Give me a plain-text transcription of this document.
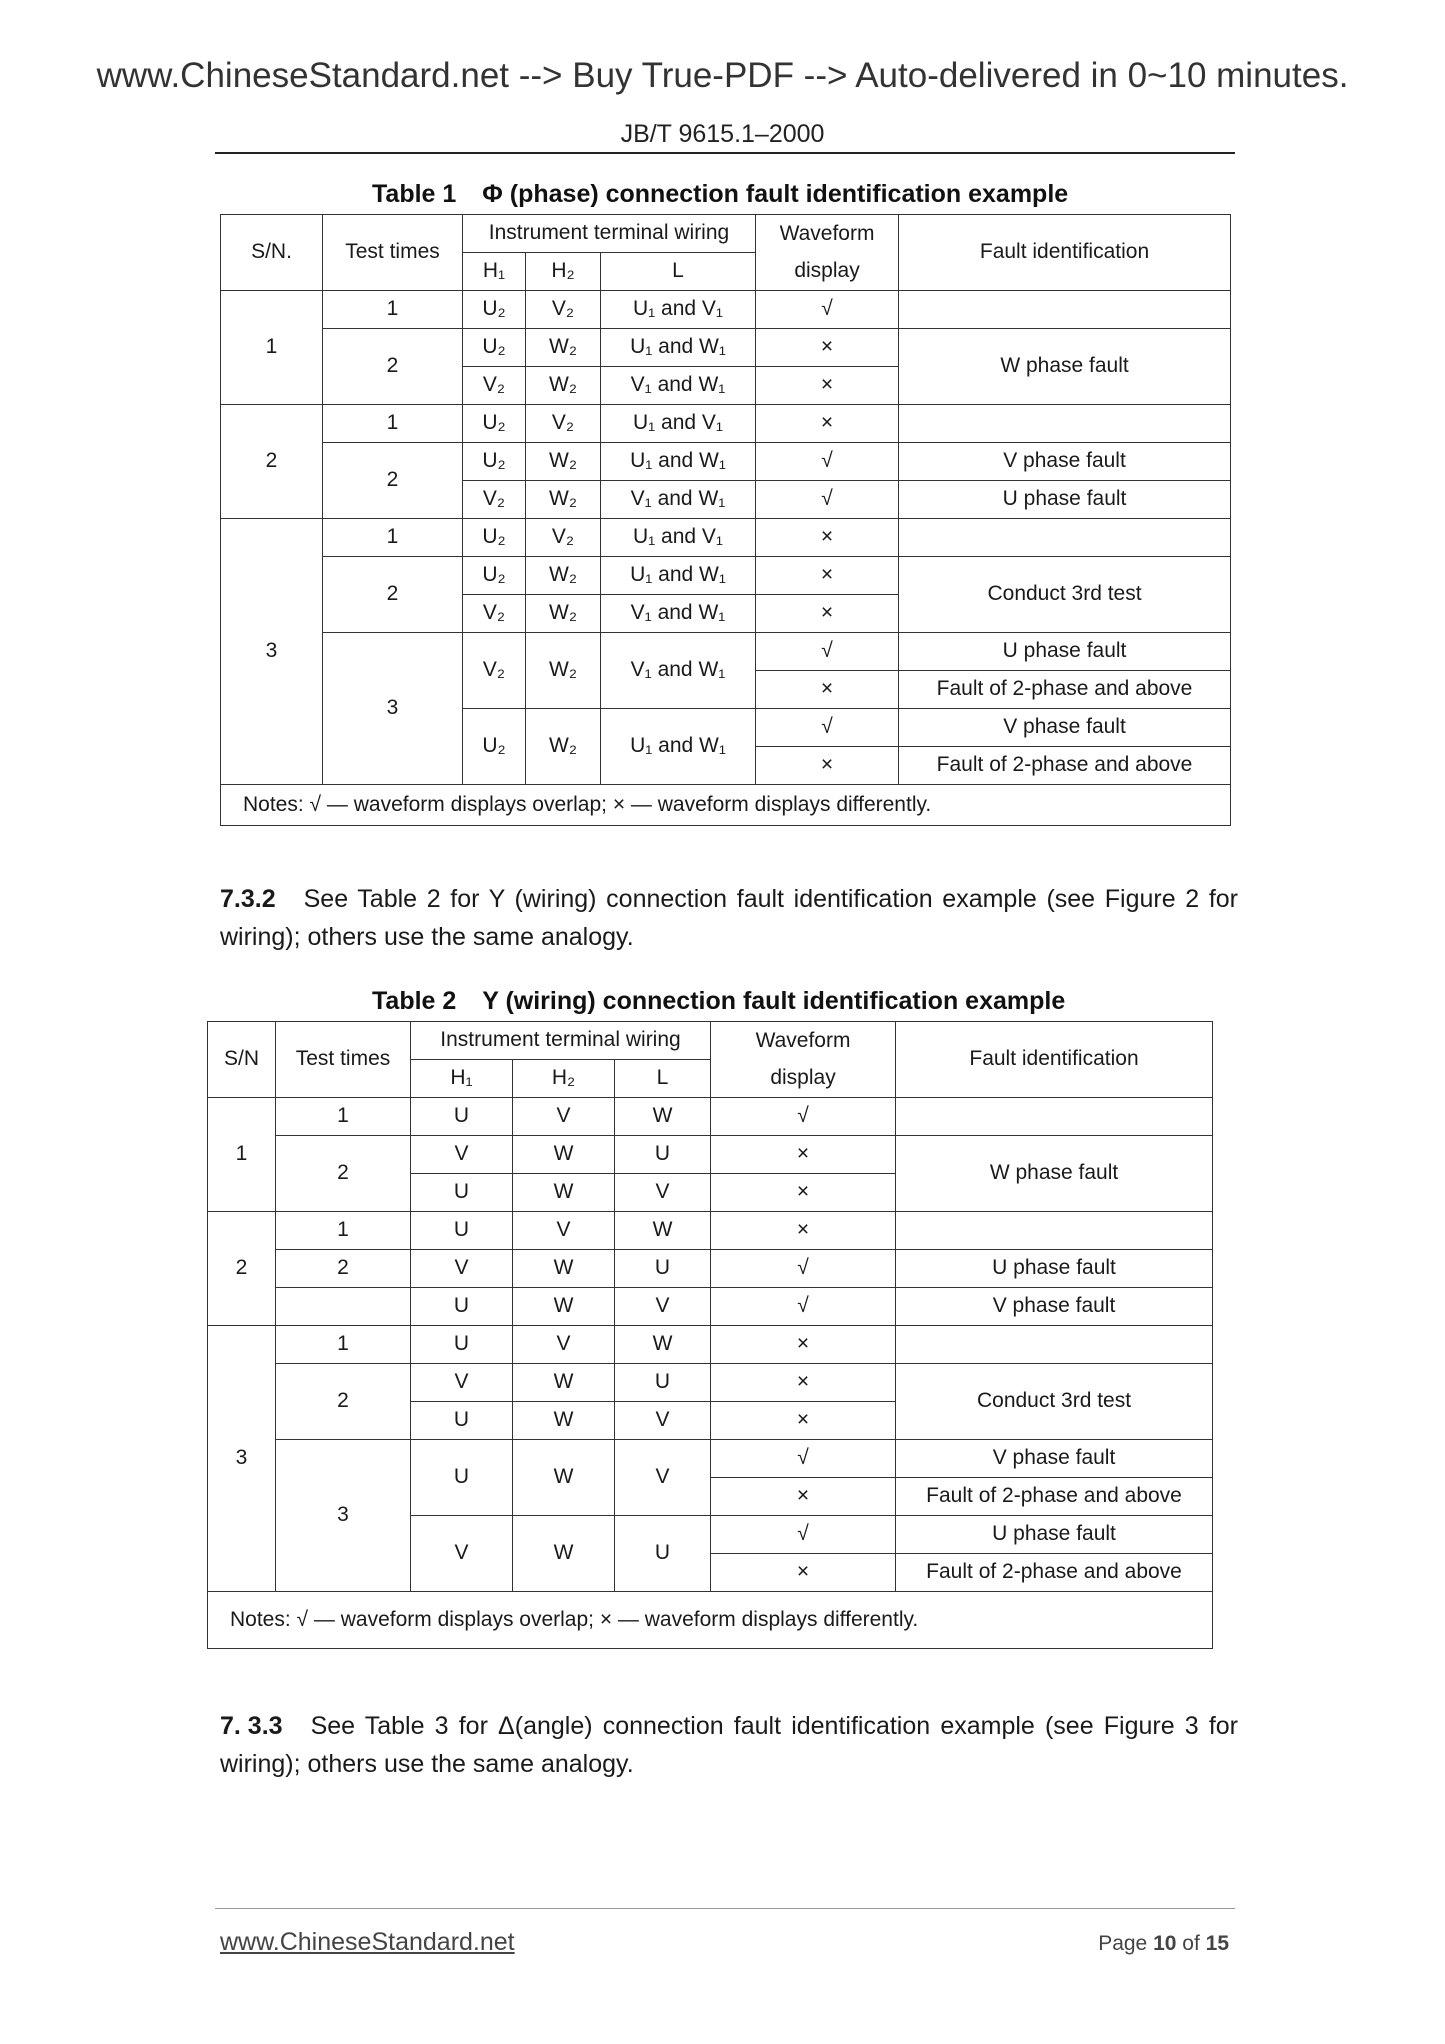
www.ChineseStandard.net --> Buy True-PDF --> Auto-delivered in 0~10 minutes.
JB/T 9615.1–2000
Table 1 Φ (phase) connection fault identification example
S/N.	Test times	Instrument terminal wiring			Waveform	Fault identification
		H₁	H₂	L	display	
1	1	U₂	V₂	U₁ and V₁	√	
	2	U₂	W₂	U₁ and W₁	×	W phase fault
		V₂	W₂	V₁ and W₁	×	
2	1	U₂	V₂	U₁ and V₁	×	
	2	U₂	W₂	U₁ and W₁	√	V phase fault
		V₂	W₂	V₁ and W₁	√	U phase fault
3	1	U₂	V₂	U₁ and V₁	×	
	2	U₂	W₂	U₁ and W₁	×	Conduct 3rd test
		V₂	W₂	V₁ and W₁	×	
	3	V₂	W₂	V₁ and W₁	√	U phase fault
					×	Fault of 2-phase and above
		U₂	W₂	U₁ and W₁	√	V phase fault
					×	Fault of 2-phase and above
Notes: √ — waveform displays overlap; × — waveform displays differently.						
7.3.2 See Table 2 for Y (wiring) connection fault identification example (see Figure 2 for wiring); others use the same analogy.
Table 2 Y (wiring) connection fault identification example
S/N	Test times	Instrument terminal wiring			Waveform	Fault identification
		H₁	H₂	L	display	
1	1	U	V	W	√	
	2	V	W	U	×	W phase fault
		U	W	V	×	
2	1	U	V	W	×	
	2	V	W	U	√	U phase fault
		U	W	V	√	V phase fault
3	1	U	V	W	×	
	2	V	W	U	×	Conduct 3rd test
		U	W	V	×	
	3	U	W	V	√	V phase fault
					×	Fault of 2-phase and above
		V	W	U	√	U phase fault
					×	Fault of 2-phase and above
Notes: √ — waveform displays overlap; × — waveform displays differently.						
7. 3.3 See Table 3 for Δ(angle) connection fault identification example (see Figure 3 for wiring); others use the same analogy.
www.ChineseStandard.net	Page 10 of 15
